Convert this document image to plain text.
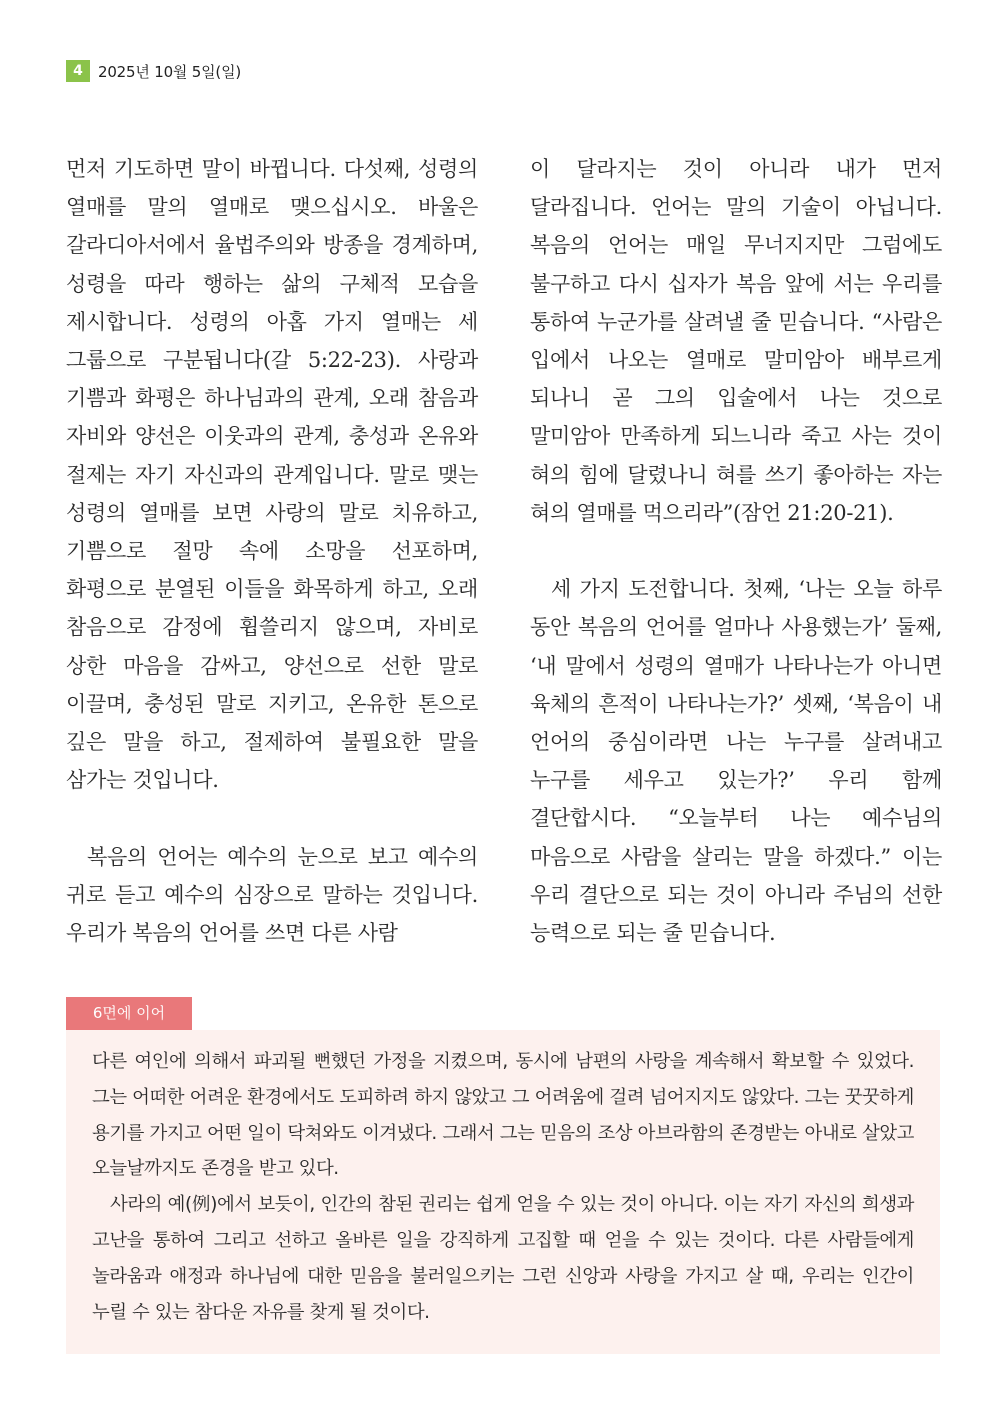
4	2025년 10월 5일(일)

먼저 기도하면 말이 바뀝니다. 다섯째, 성령의 열매를 말의 열매로 맺으십시오. 바울은 갈라디아서에서 율법주의와 방종을 경계하며, 성령을 따라 행하는 삶의 구체적 모습을 제시합니다. 성령의 아홉 가지 열매는 세 그룹으로 구분됩니다(갈 5:22-23). 사랑과 기쁨과 화평은 하나님과의 관계, 오래 참음과 자비와 양선은 이웃과의 관계, 충성과 온유와 절제는 자기 자신과의 관계입니다. 말로 맺는 성령의 열매를 보면 사랑의 말로 치유하고, 기쁨으로 절망 속에 소망을 선포하며, 화평으로 분열된 이들을 화목하게 하고, 오래 참음으로 감정에 휩쓸리지 않으며, 자비로 상한 마음을 감싸고, 양선으로 선한 말로 이끌며, 충성된 말로 지키고, 온유한 톤으로 깊은 말을 하고, 절제하여 불필요한 말을 삼가는 것입니다.

복음의 언어는 예수의 눈으로 보고 예수의 귀로 듣고 예수의 심장으로 말하는 것입니다. 우리가 복음의 언어를 쓰면 다른 사람

이 달라지는 것이 아니라 내가 먼저 달라집니다. 언어는 말의 기술이 아닙니다. 복음의 언어는 매일 무너지지만 그럼에도 불구하고 다시 십자가 복음 앞에 서는 우리를 통하여 누군가를 살려낼 줄 믿습니다. “사람은 입에서 나오는 열매로 말미암아 배부르게 되나니 곧 그의 입술에서 나는 것으로 말미암아 만족하게 되느니라 죽고 사는 것이 혀의 힘에 달렸나니 혀를 쓰기 좋아하는 자는 혀의 열매를 먹으리라”(잠언 21:20-21).

세 가지 도전합니다. 첫째, ‘나는 오늘 하루 동안 복음의 언어를 얼마나 사용했는가’ 둘째, ‘내 말에서 성령의 열매가 나타나는가 아니면 육체의 흔적이 나타나는가?’ 셋째, ‘복음이 내 언어의 중심이라면 나는 누구를 살려내고 누구를 세우고 있는가?’ 우리 함께 결단합시다. “오늘부터 나는 예수님의 마음으로 사람을 살리는 말을 하겠다.” 이는 우리 결단으로 되는 것이 아니라 주님의 선한 능력으로 되는 줄 믿습니다.

6면에 이어

다른 여인에 의해서 파괴될 뻔했던 가정을 지켰으며, 동시에 남편의 사랑을 계속해서 확보할 수 있었다. 그는 어떠한 어려운 환경에서도 도피하려 하지 않았고 그 어려움에 걸려 넘어지지도 않았다. 그는 꿋꿋하게 용기를 가지고 어떤 일이 닥쳐와도 이겨냈다. 그래서 그는 믿음의 조상 아브라함의 존경받는 아내로 살았고 오늘날까지도 존경을 받고 있다.

사라의 예(例)에서 보듯이, 인간의 참된 권리는 쉽게 얻을 수 있는 것이 아니다. 이는 자기 자신의 희생과 고난을 통하여 그리고 선하고 올바른 일을 강직하게 고집할 때 얻을 수 있는 것이다. 다른 사람들에게 놀라움과 애정과 하나님에 대한 믿음을 불러일으키는 그런 신앙과 사랑을 가지고 살 때, 우리는 인간이 누릴 수 있는 참다운 자유를 찾게 될 것이다.
